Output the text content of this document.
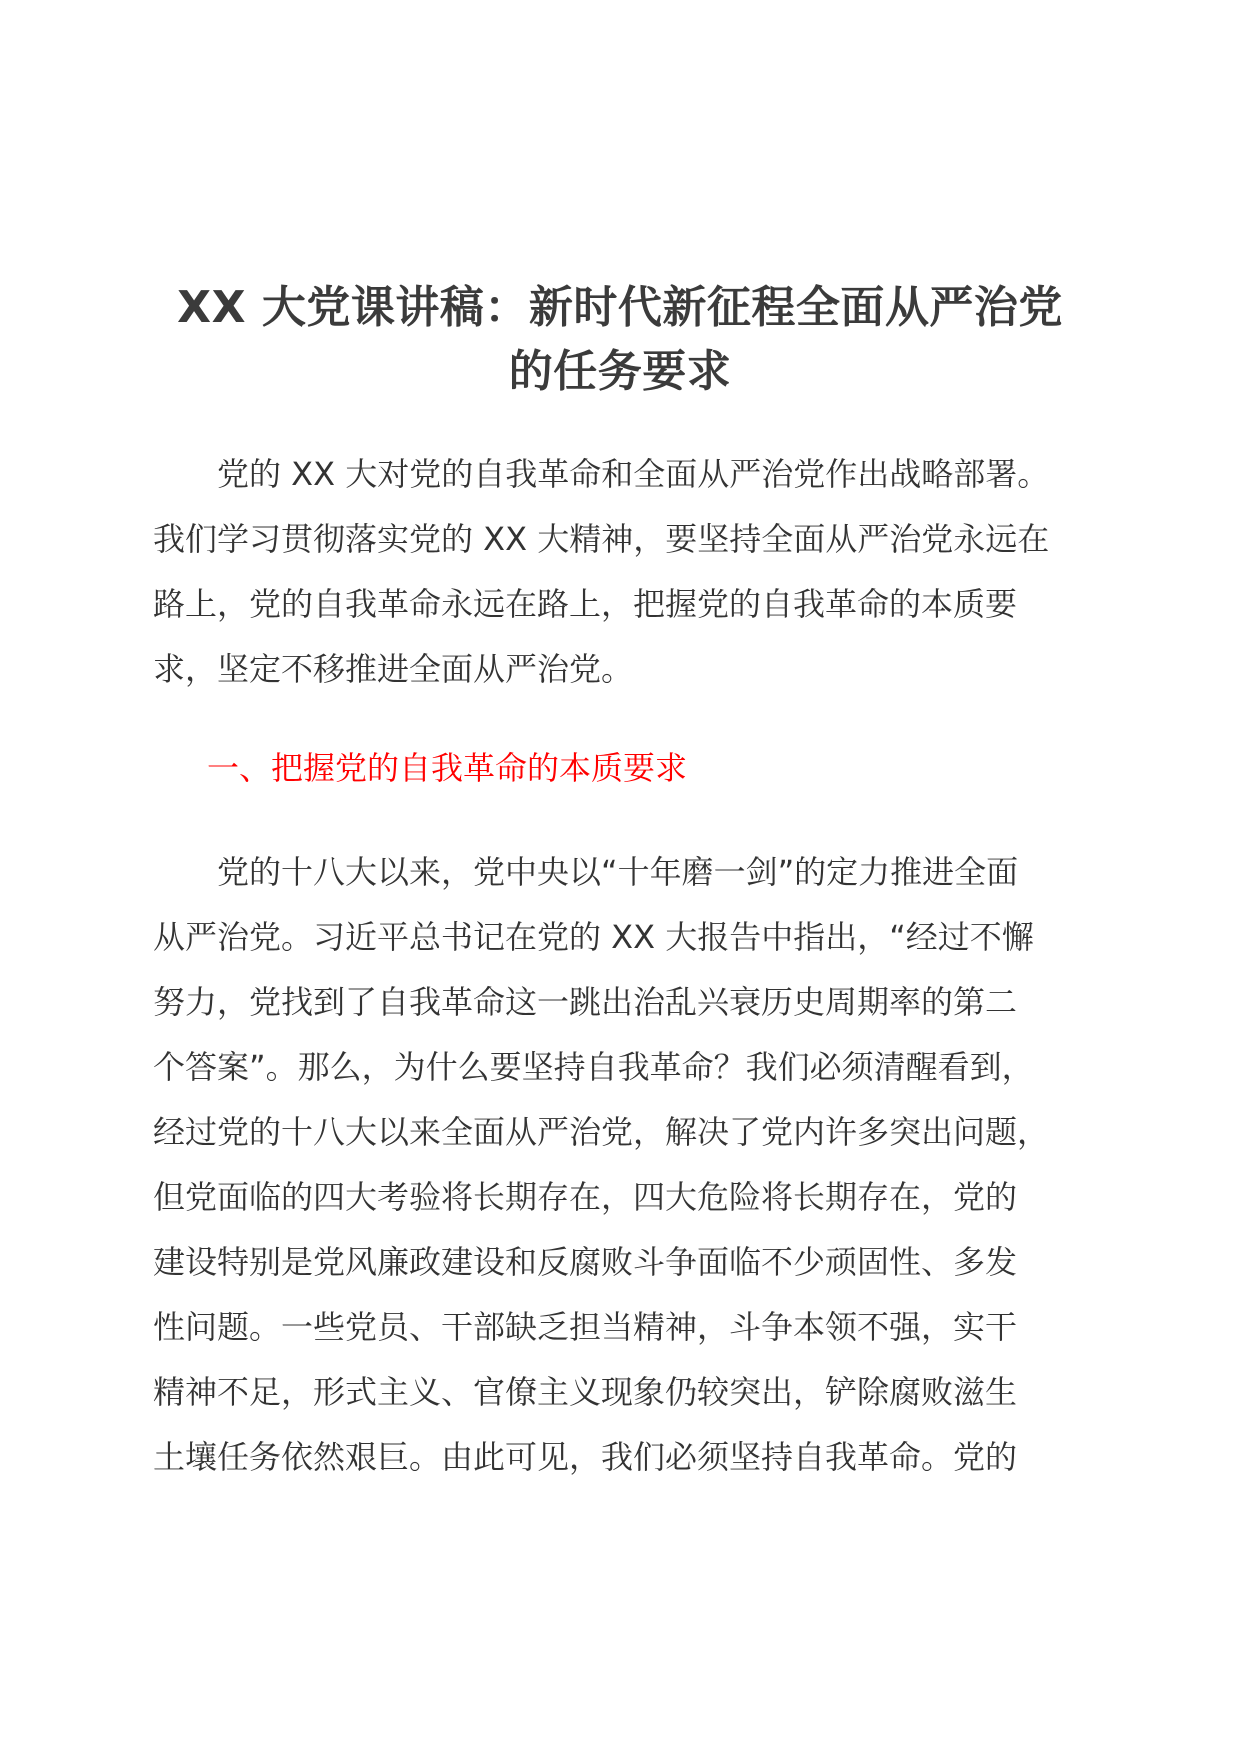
XX 大党课讲稿：新时代新征程全面从严治党
的任务要求
　　党的 XX 大对党的自我革命和全面从严治党作出战略部署。
我们学习贯彻落实党的 XX 大精神，要坚持全面从严治党永远在
路上，党的自我革命永远在路上，把握党的自我革命的本质要
求，坚定不移推进全面从严治党。
一、把握党的自我革命的本质要求
　　党的十八大以来，党中央以“十年磨一剑”的定力推进全面
从严治党。习近平总书记在党的 XX 大报告中指出，“经过不懈
努力，党找到了自我革命这一跳出治乱兴衰历史周期率的第二
个答案”。那么，为什么要坚持自我革命？我们必须清醒看到，
经过党的十八大以来全面从严治党，解决了党内许多突出问题，
但党面临的四大考验将长期存在，四大危险将长期存在，党的
建设特别是党风廉政建设和反腐败斗争面临不少顽固性、多发
性问题。一些党员、干部缺乏担当精神，斗争本领不强，实干
精神不足，形式主义、官僚主义现象仍较突出，铲除腐败滋生
土壤任务依然艰巨。由此可见，我们必须坚持自我革命。党的
